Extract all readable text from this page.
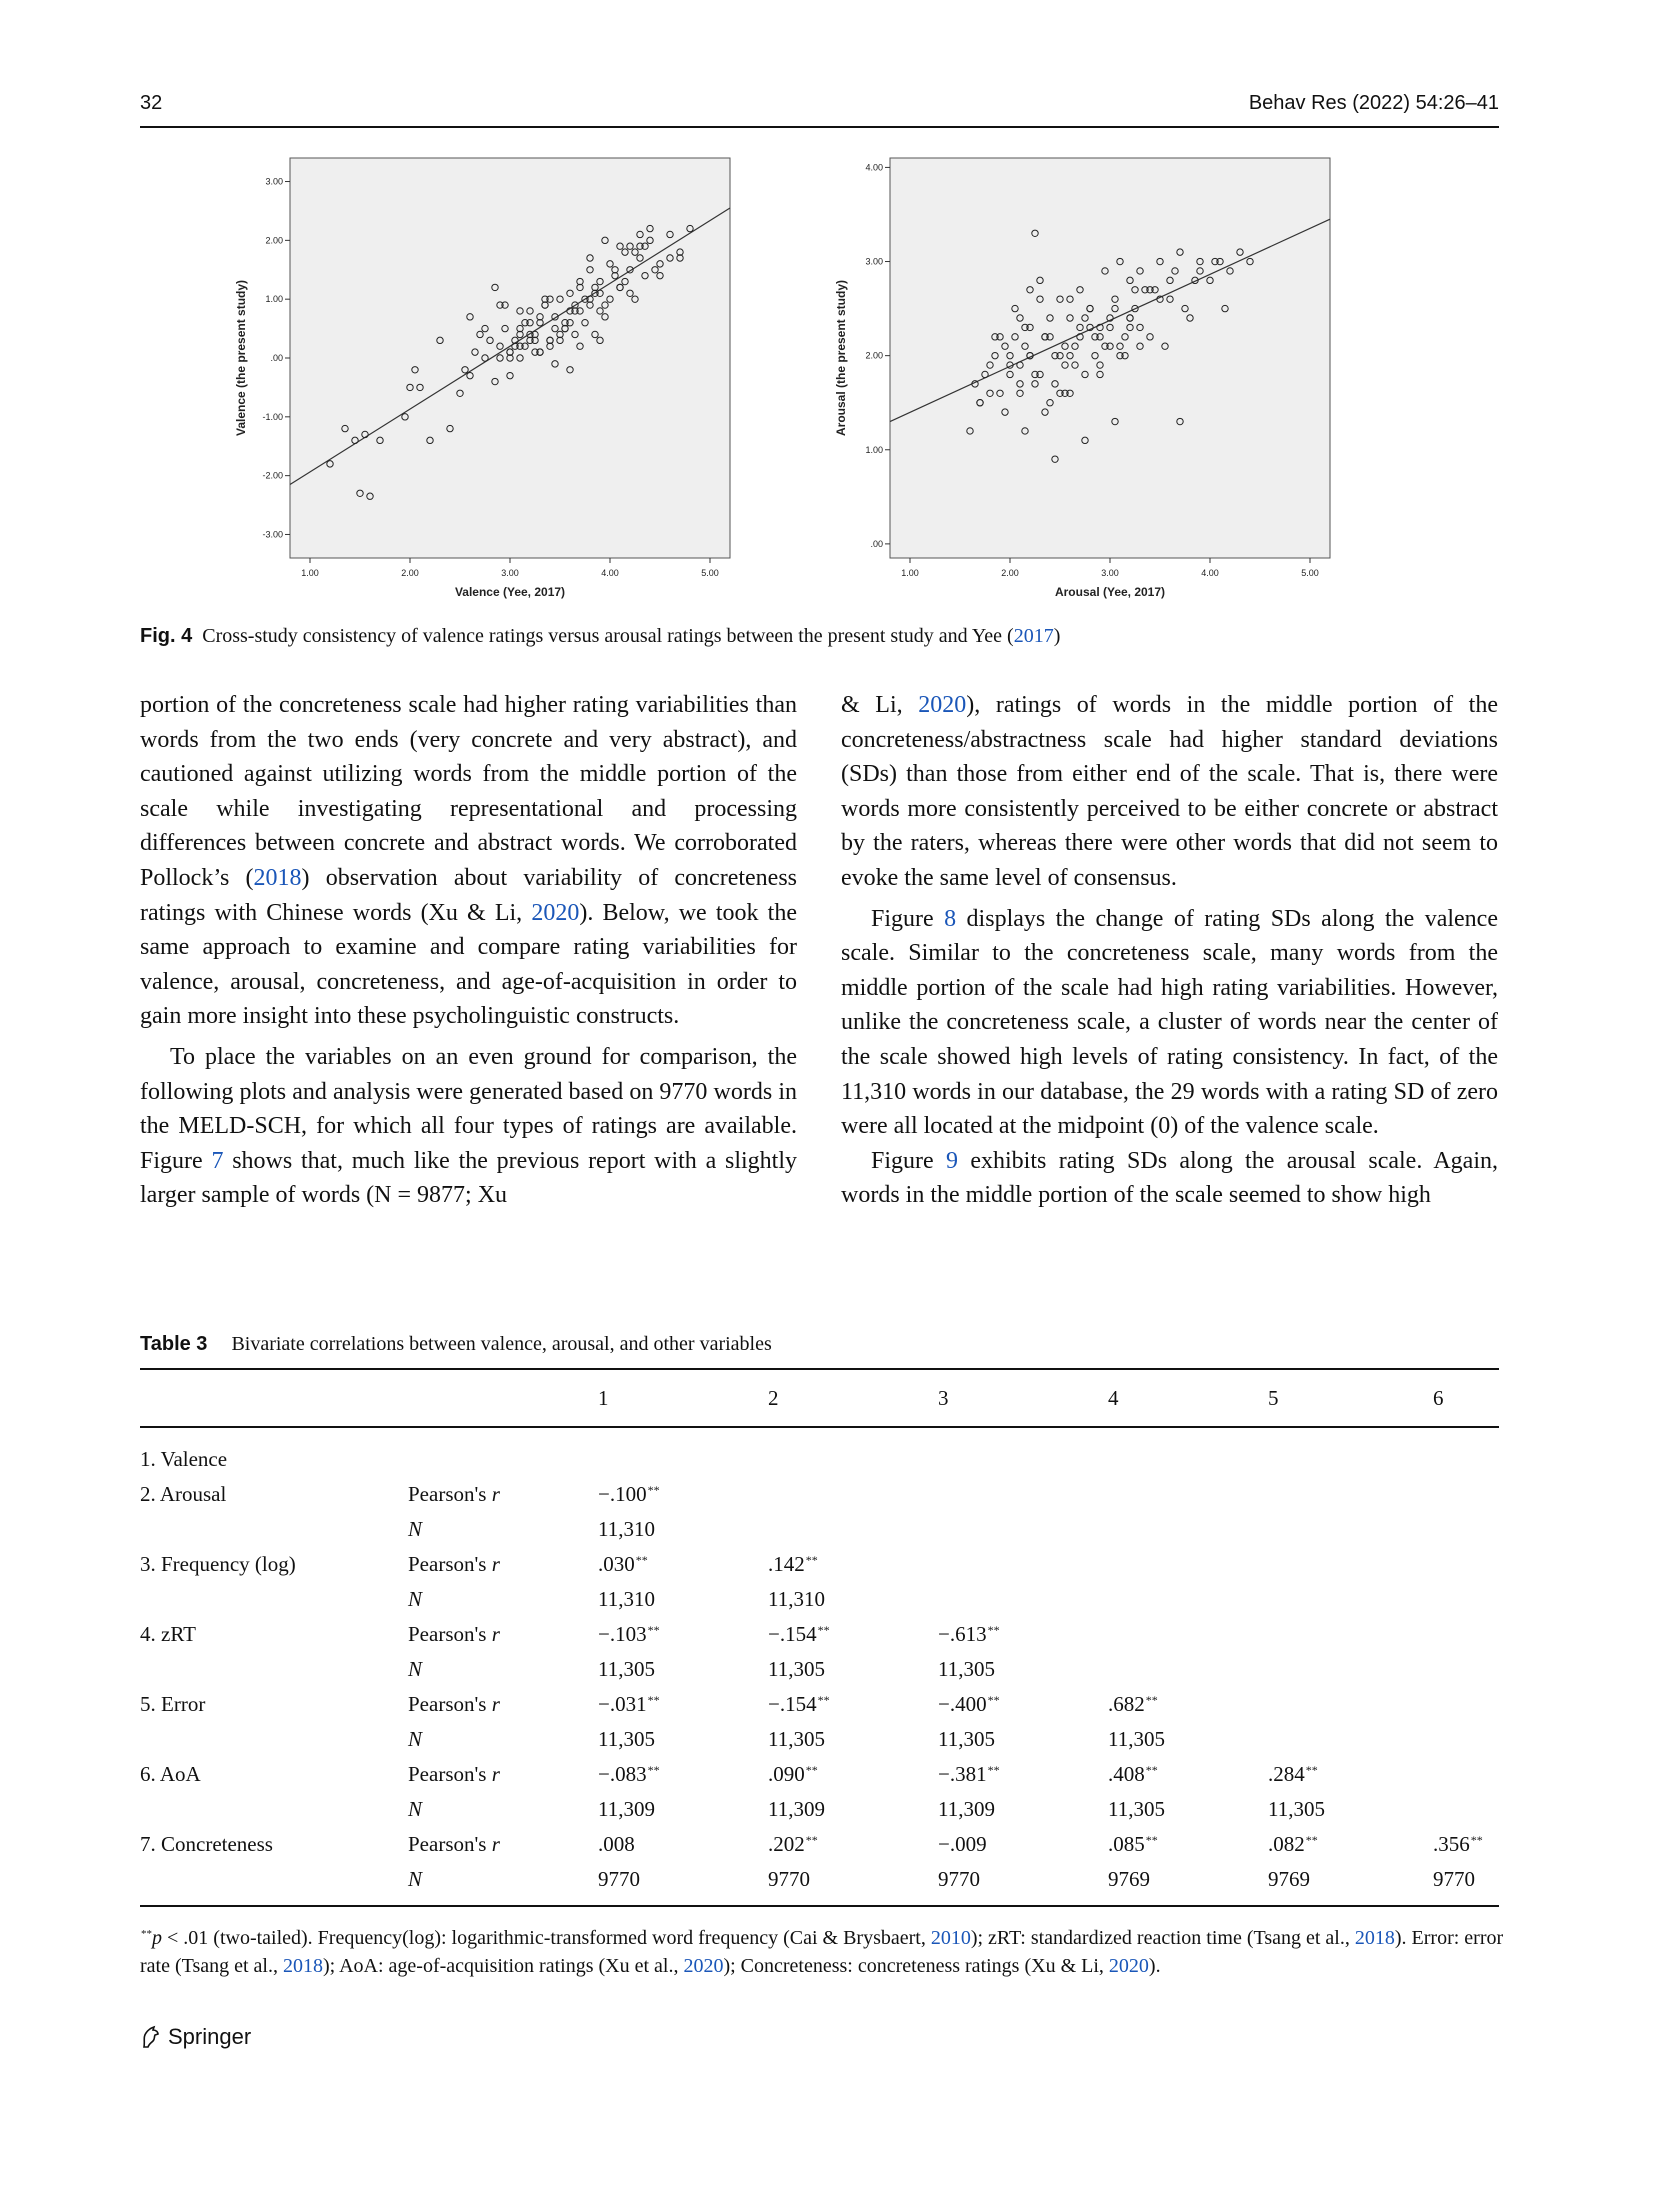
32	Behav Res (2022) 54:26–41
1.00	2.00	3.00	4.00	5.00
3.00
2.00
1.00
.00
-1.00
-2.00
-3.00
Valence (Yee, 2017)
Valence (the present study)
1.00	2.00	3.00	4.00	5.00
4.00
3.00
2.00
1.00
.00
Arousal (Yee, 2017)
Arousal (the present study)
Fig. 4 Cross-study consistency of valence ratings versus arousal ratings between the present study and Yee (2017)

portion of the concreteness scale had higher rating variabilities than words from the two ends (very concrete and very abstract), and cautioned against utilizing words from the middle portion of the scale while investigating representational and processing differences between concrete and abstract words. We corroborated Pollock’s (2018) observation about variability of concreteness ratings with Chinese words (Xu & Li, 2020). Below, we took the same approach to examine and compare rating variabilities for valence, arousal, concreteness, and age-of-acquisition in order to gain more insight into these psycholinguistic constructs.

To place the variables on an even ground for comparison, the following plots and analysis were generated based on 9770 words in the MELD-SCH, for which all four types of ratings are available. Figure 7 shows that, much like the previous report with a slightly larger sample of words (N = 9877; Xu

& Li, 2020), ratings of words in the middle portion of the concreteness/abstractness scale had higher standard deviations (SDs) than those from either end of the scale. That is, there were words more consistently perceived to be either concrete or abstract by the raters, whereas there were other words that did not seem to evoke the same level of consensus.

Figure 8 displays the change of rating SDs along the valence scale. Similar to the concreteness scale, many words from the middle portion of the scale had high rating variabilities. However, unlike the concreteness scale, a cluster of words near the center of the scale showed high levels of rating consistency. In fact, of the 11,310 words in our database, the 29 words with a rating SD of zero were all located at the midpoint (0) of the valence scale.

Figure 9 exhibits rating SDs along the arousal scale. Again, words in the middle portion of the scale seemed to show high

Table 3 Bivariate correlations between valence, arousal, and other variables
		1	2	3	4	5	6
1. Valence							
2. Arousal	Pearson's r	−.100**					
	N	11,310					
3. Frequency (log)	Pearson's r	.030**	.142**				
	N	11,310	11,310				
4. zRT	Pearson's r	−.103**	−.154**	−.613**			
	N	11,305	11,305	11,305			
5. Error	Pearson's r	−.031**	−.154**	−.400**	.682**		
	N	11,305	11,305	11,305	11,305		
6. AoA	Pearson's r	−.083**	.090**	−.381**	.408**	.284**	
	N	11,309	11,309	11,309	11,305	11,305	
7. Concreteness	Pearson's r	.008	.202**	−.009	.085**	.082**	.356**
	N	9770	9770	9770	9769	9769	9770
**p < .01 (two-tailed). Frequency(log): logarithmic-transformed word frequency (Cai & Brysbaert, 2010); zRT: standardized reaction time (Tsang et al., 2018). Error: error rate (Tsang et al., 2018); AoA: age-of-acquisition ratings (Xu et al., 2020); Concreteness: concreteness ratings (Xu & Li, 2020).
Springer
